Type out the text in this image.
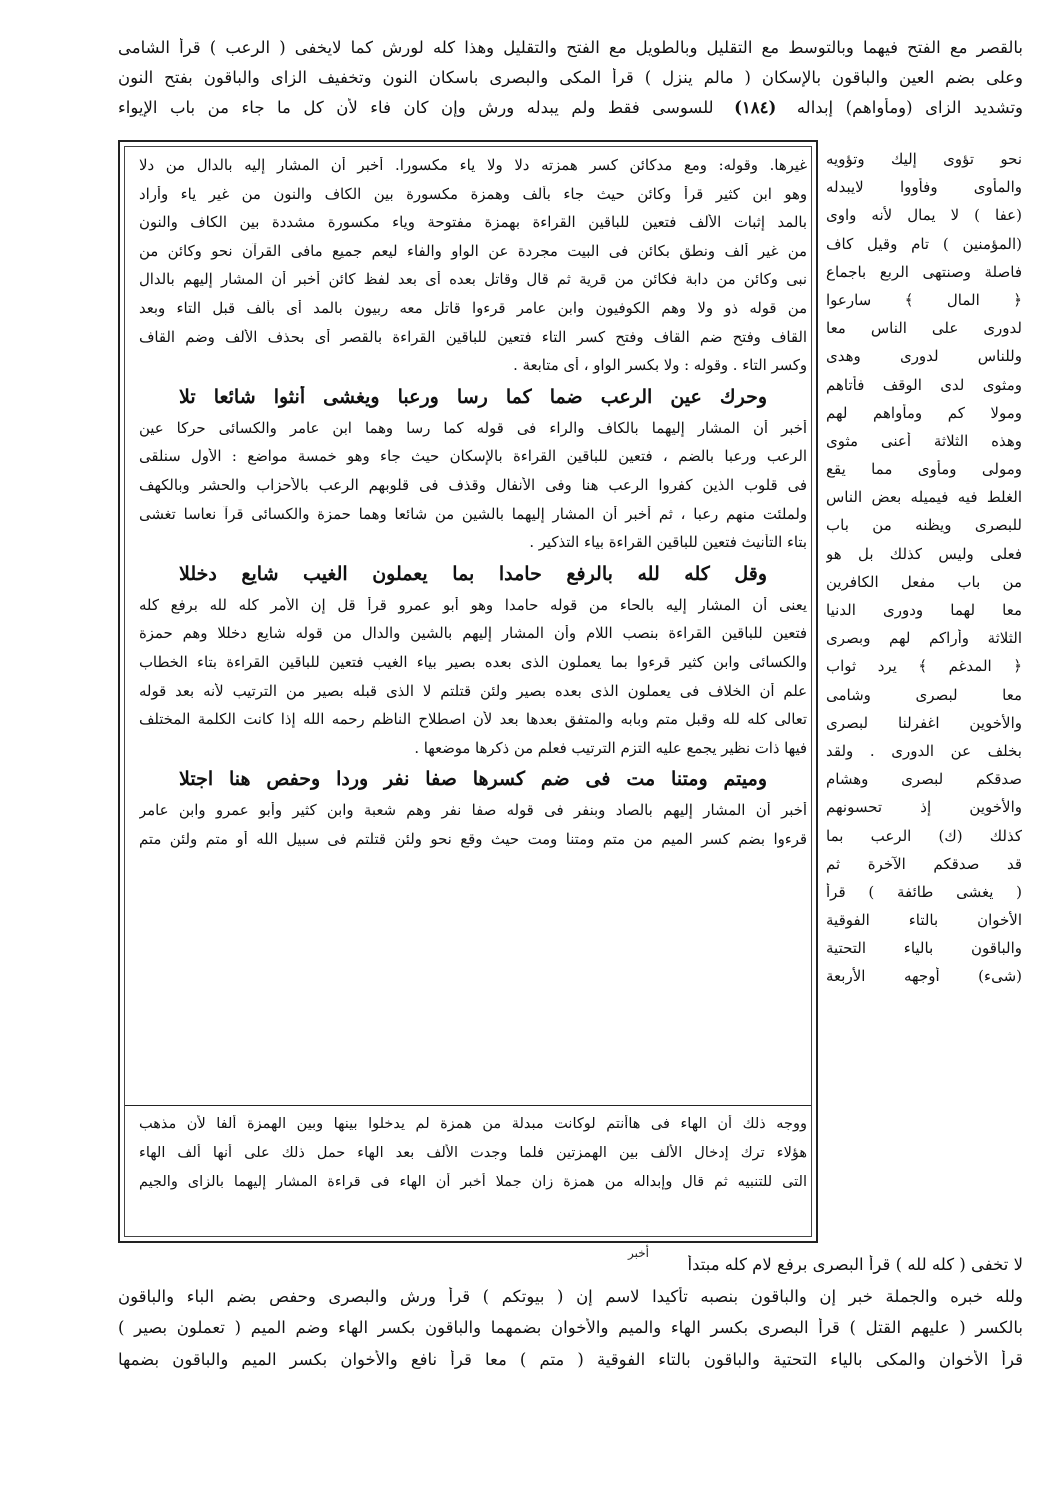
بالقصر مع الفتح فيهما وبالتوسط مع التقليل وبالطويل مع الفتح والتقليل وهذا كله لورش كما لايخفى ( الرعب ) قرأ الشامى
وعلى بضم العين والباقون بالإسكان ( مالم ينزل ) قرأ المكى والبصرى باسكان النون وتخفيف الزاى والباقون بفتح النون
وتشديد الزاى (ومأواهم) إبداله (١٨٤) للسوسى فقط ولم يبدله ورش وإن كان فاء لأن كل ما جاء من باب الإيواء
غيرها. وقوله: ومع مدكائن كسر همزته دلا ولا ياء مكسورا. أخبر أن المشار إليه بالدال من دلا
وهو ابن كثير قرأ وكائن حيث جاء بألف وهمزة مكسورة بين الكاف والنون من غير ياء وأراد
بالمد إثبات الألف فتعين للباقين القراءة بهمزة مفتوحة وياء مكسورة مشددة بين الكاف والنون
من غير ألف ونطق بكائن فى البيت مجردة عن الواو والفاء ليعم جميع مافى القرآن نحو وكائن من
نبى وكائن من دابة فكائن من قرية ثم قال وقاتل بعده أى بعد لفظ كائن أخبر أن المشار إليهم بالدال
من قوله ذو ولا وهم الكوفيون وابن عامر قرءوا قاتل معه ربيون بالمد أى بألف قبل التاء وبعد
القاف وفتح ضم القاف وفتح كسر التاء فتعين للباقين القراءة بالقصر أى بحذف الألف وضم القاف
وكسر التاء . وقوله : ولا بكسر الواو ، أى متابعة .
وحرك عين الرعب ضما كما رسا ورعبا ويغشى أنثوا شائعا تلا
أخبر أن المشار إليهما بالكاف والراء فى قوله كما رسا وهما ابن عامر والكسائى حركا عين
الرعب ورعبا بالضم ، فتعين للباقين القراءة بالإسكان حيث جاء وهو خمسة مواضع : الأول سنلقى
فى قلوب الذين كفروا الرعب هنا وفى الأنفال وقذف فى قلوبهم الرعب بالأحزاب والحشر وبالكهف
ولملئت منهم رعبا ، ثم أخبر أن المشار إليهما بالشين من شائعا وهما حمزة والكسائى قرآ نعاسا تغشى
بتاء التأنيث فتعين للباقين القراءة بياء التذكير .
وقل كله لله بالرفع حامدا بما يعملون الغيب شايع دخللا
يعنى أن المشار إليه بالحاء من قوله حامدا وهو أبو عمرو قرأ قل إن الأمر كله لله برفع كله
فتعين للباقين القراءة بنصب اللام وأن المشار إليهم بالشين والدال من قوله شايع دخللا وهم حمزة
والكسائى وابن كثير قرءوا بما يعملون الذى بعده بصير بياء الغيب فتعين للباقين القراءة بتاء الخطاب
علم أن الخلاف فى يعملون الذى بعده بصير ولئن قتلتم لا الذى قبله بصير من الترتيب لأنه بعد قوله
تعالى كله لله وقبل متم وبابه والمتفق بعدها بعد لأن اصطلاح الناظم رحمه الله إذا كانت الكلمة المختلف
فيها ذات نظير يجمع عليه التزم الترتيب فعلم من ذكرها موضعها .
وميتم ومتنا مت فى ضم كسرها صفا نفر وردا وحفص هنا اجتلا
أخبر أن المشار إليهم بالصاد وبنفر فى قوله صفا نفر وهم شعبة وابن كثير وأبو عمرو وابن عامر
قرءوا بضم كسر الميم من متم ومتنا ومت حيث وقع نحو ولئن قتلتم فى سبيل الله أو متم ولئن متم
ووجه ذلك أن الهاء فى هاأنتم لوكانت مبدلة من همزة لم يدخلوا بينها وبين الهمزة ألفا لأن مذهب
هؤلاء ترك إدخال الألف بين الهمزتين فلما وجدت الألف بعد الهاء حمل ذلك على أنها ألف الهاء
التى للتنبيه ثم قال وإبداله من همزة زان جملا أخبر أن الهاء فى قراءة المشار إليهما بالزاى والجيم
نحو تؤوى إليك وتؤويه
والمأوى وفأووا لايبدله
(عفا ) لا يمال لأنه واوى
(المؤمنين ) تام وقيل كاف
فاصلة وصنتهى الربع باجماع
﴿ المال ﴾ سارعوا
لدورى على الناس معا
وللناس لدورى وهدى
ومثوى لدى الوقف فأتاهم
ومولا كم ومأواهم لهم
وهذه الثلاثة أعنى مثوى
ومولى ومأوى مما يقع
الغلط فيه فيميله بعض الناس
للبصرى ويظنه من باب
فعلى وليس كذلك بل هو
من باب مفعل الكافرين
معا لهما ودورى الدنيا
الثلاثة وأراكم لهم وبصرى
﴿ المدغم ﴾ يرد ثواب
معا لبصرى وشامى
والأخوين اغفرلنا لبصرى
بخلف عن الدورى . ولقد
صدقكم لبصرى وهشام
والأخوين إذ تحسونهم
كذلك (ك) الرعب بما
قد صدقكم الآخرة ثم
( يغشى طائفة ) قرأ
الأخوان بالتاء الفوقية
والباقون بالياء التحتية
(شىء) أوجهه الأربعة
أخبر
لا تخفى ( كله لله ) قرأ البصرى برفع لام كله مبتدأ
ولله خبره والجملة خبر إن والباقون بنصبه تأكيدا لاسم إن ( بيوتكم ) قرأ ورش والبصرى وحفص بضم الباء والباقون
بالكسر ( عليهم القتل ) قرأ البصرى بكسر الهاء والميم والأخوان بضمهما والباقون بكسر الهاء وضم الميم ( تعملون بصير )
قرأ الأخوان والمكى بالياء التحتية والباقون بالتاء الفوقية ( متم ) معا قرأ نافع والأخوان بكسر الميم والباقون بضمها
